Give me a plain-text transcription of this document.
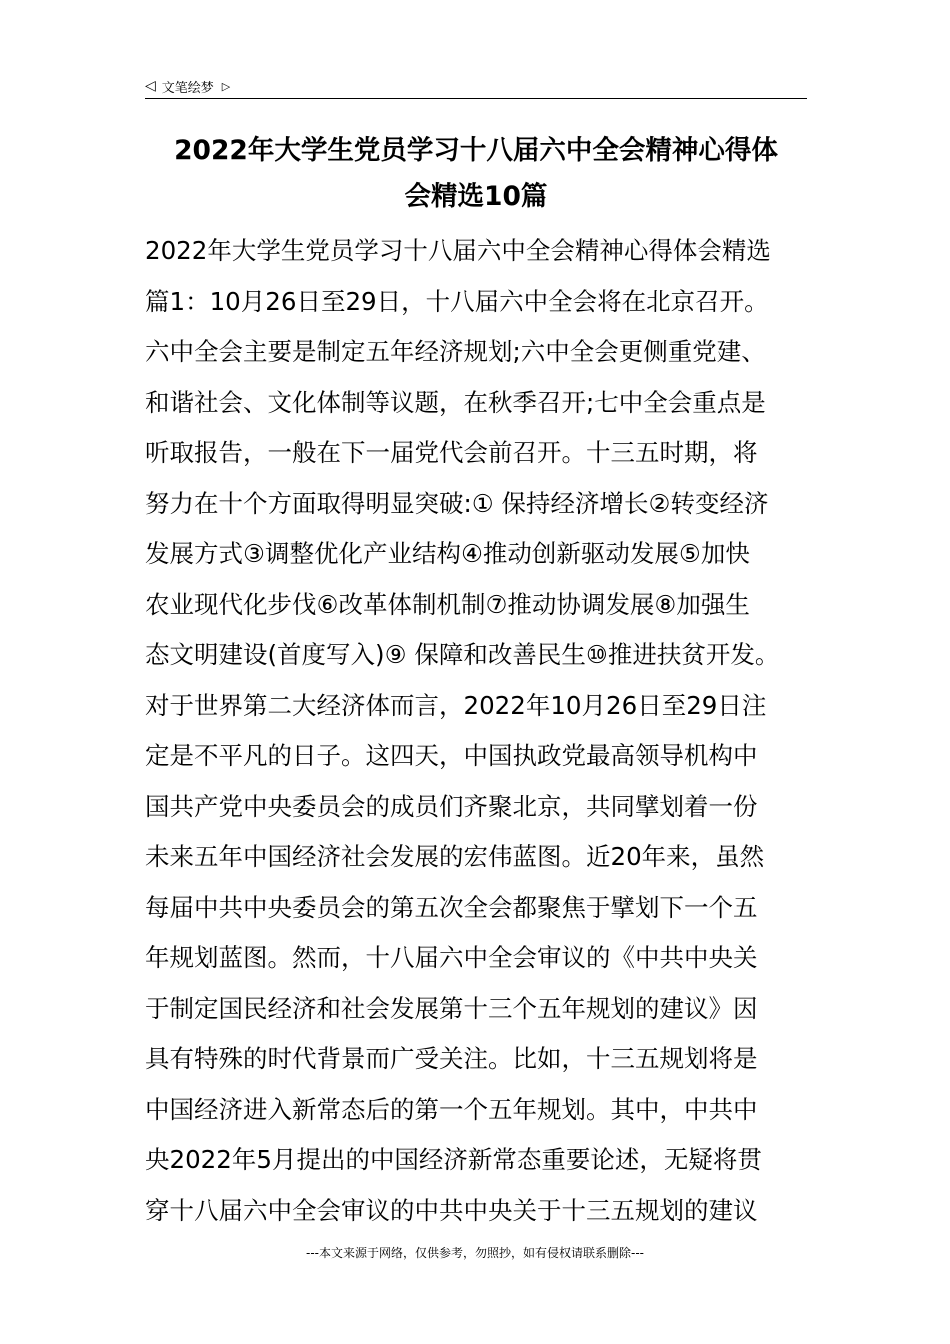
◁ 文笔绘梦 ▷
2022年大学生党员学习十八届六中全会精神心得体
会精选10篇
2022年大学生党员学习十八届六中全会精神心得体会精选
篇1：10月26日至29日，十八届六中全会将在北京召开。
六中全会主要是制定五年经济规划;六中全会更侧重党建、
和谐社会、文化体制等议题，在秋季召开;七中全会重点是
听取报告，一般在下一届党代会前召开。十三五时期，将
努力在十个方面取得明显突破:① 保持经济增长②转变经济
发展方式③调整优化产业结构④推动创新驱动发展⑤加快
农业现代化步伐⑥改革体制机制⑦推动协调发展⑧加强生
态文明建设(首度写入)⑨ 保障和改善民生⑩推进扶贫开发。
对于世界第二大经济体而言，2022年10月26日至29日注
定是不平凡的日子。这四天，中国执政党最高领导机构中
国共产党中央委员会的成员们齐聚北京，共同擘划着一份
未来五年中国经济社会发展的宏伟蓝图。近20年来，虽然
每届中共中央委员会的第五次全会都聚焦于擘划下一个五
年规划蓝图。然而，十八届六中全会审议的《中共中央关
于制定国民经济和社会发展第十三个五年规划的建议》因
具有特殊的时代背景而广受关注。比如，十三五规划将是
中国经济进入新常态后的第一个五年规划。其中，中共中
央2022年5月提出的中国经济新常态重要论述，无疑将贯
穿十八届六中全会审议的中共中央关于十三五规划的建议
---本文来源于网络，仅供参考，勿照抄，如有侵权请联系删除---
